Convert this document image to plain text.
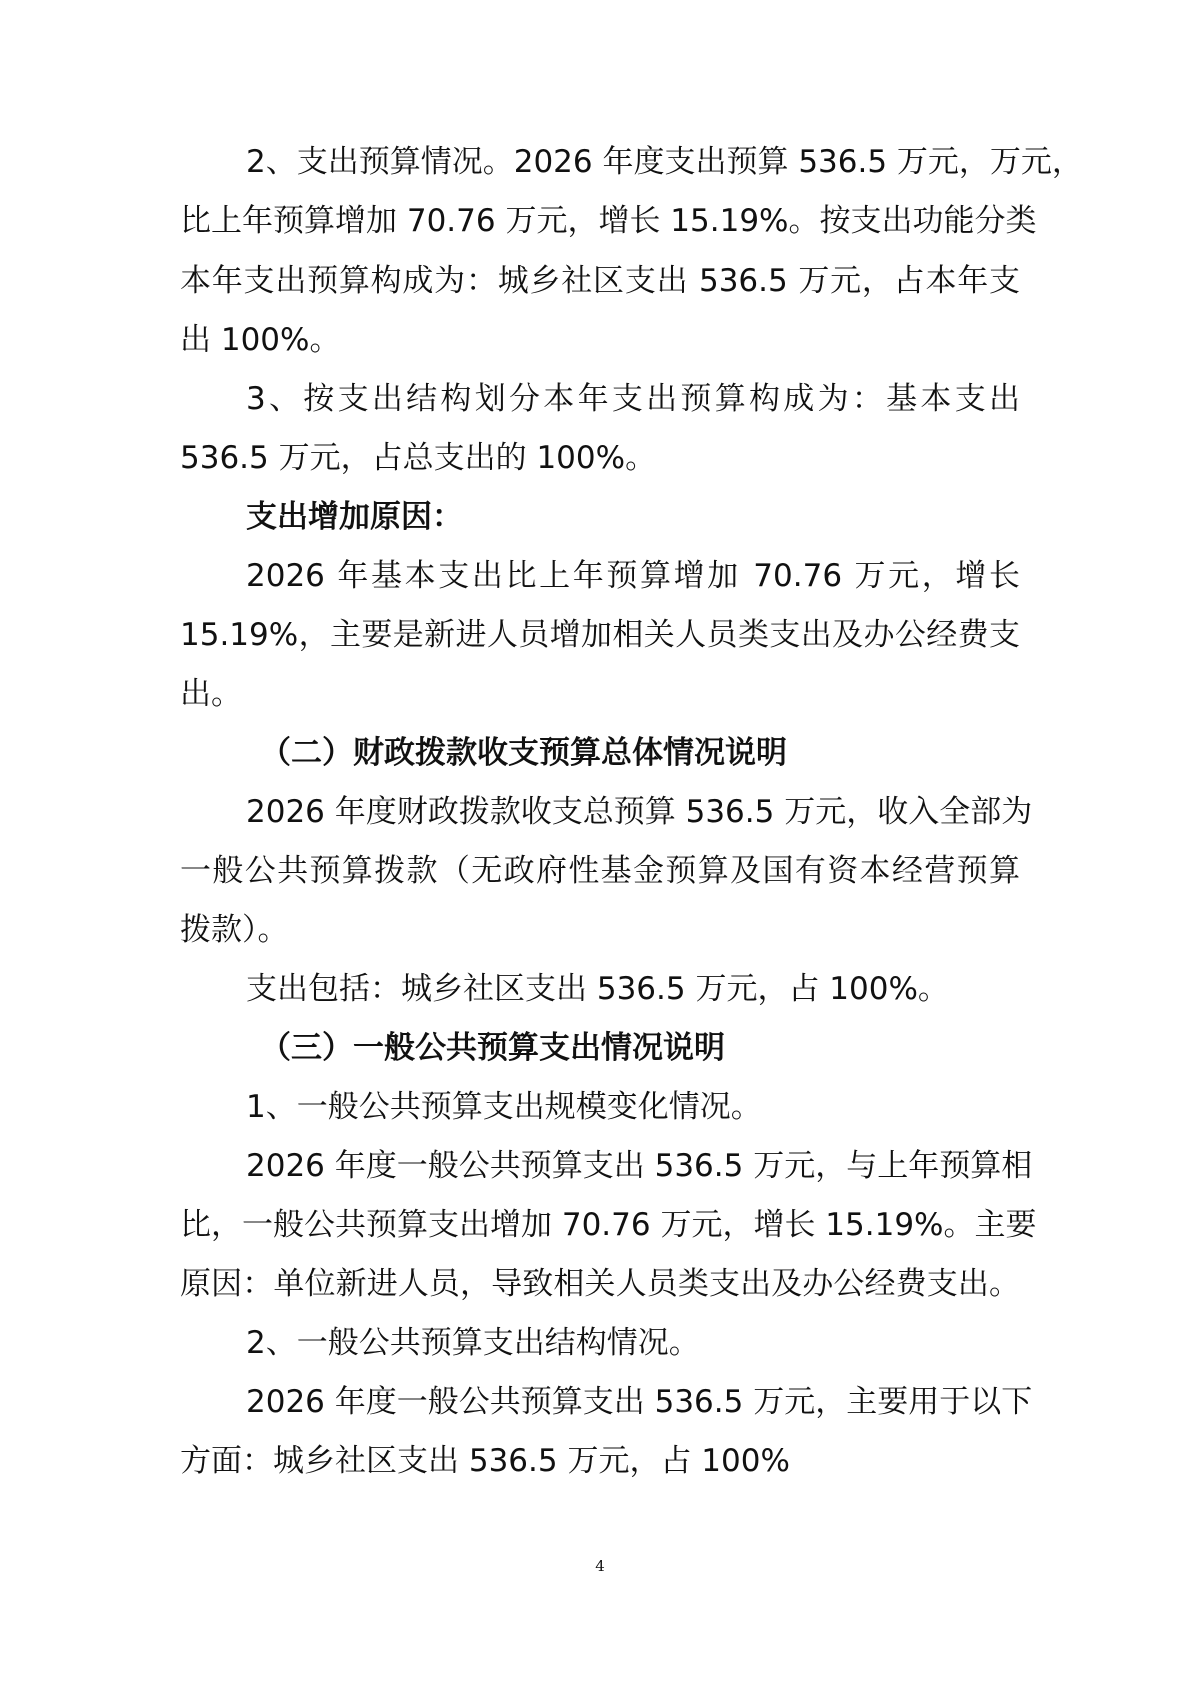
2、支出预算情况。2026 年度支出预算 536.5 万元，万元，
比上年预算增加 70.76 万元，增长 15.19%。按支出功能分类
本年支出预算构成为：城乡社区支出 536.5 万元，占本年支
出 100%。
3、按支出结构划分本年支出预算构成为：基本支出
536.5 万元，占总支出的 100%。
支出增加原因：
2026 年基本支出比上年预算增加 70.76 万元，增长
15.19%，主要是新进人员增加相关人员类支出及办公经费支
出。
（二）财政拨款收支预算总体情况说明
2026 年度财政拨款收支总预算 536.5 万元，收入全部为
一般公共预算拨款（无政府性基金预算及国有资本经营预算
拨款）。
支出包括：城乡社区支出 536.5 万元，占 100%。
（三）一般公共预算支出情况说明
1、一般公共预算支出规模变化情况。
2026 年度一般公共预算支出 536.5 万元，与上年预算相
比，一般公共预算支出增加 70.76 万元，增长 15.19%。主要
原因：单位新进人员，导致相关人员类支出及办公经费支出。
2、一般公共预算支出结构情况。
2026 年度一般公共预算支出 536.5 万元，主要用于以下
方面：城乡社区支出 536.5 万元，占 100%
4
